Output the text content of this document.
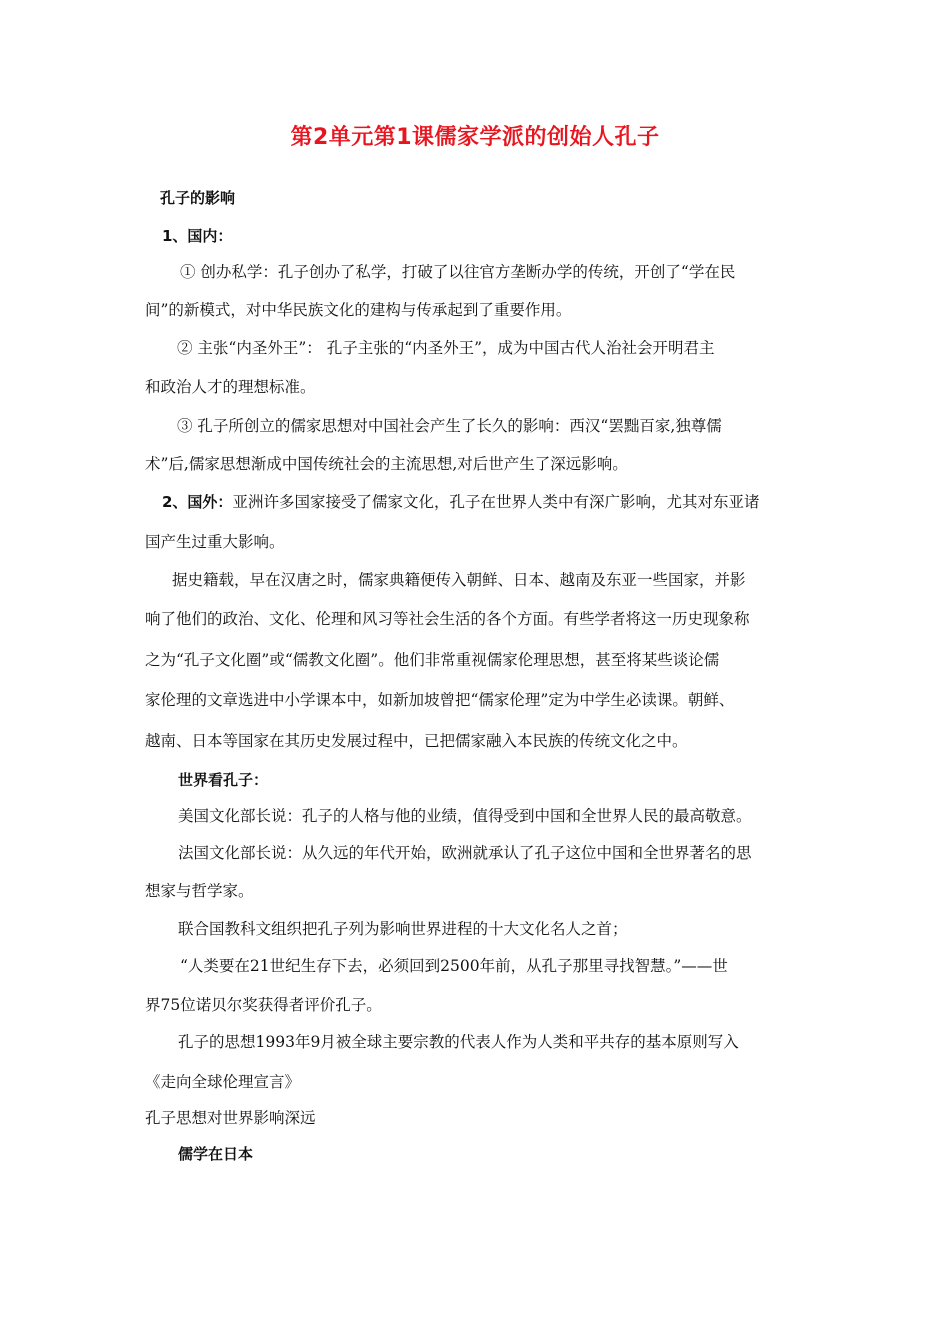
第2单元第1课儒家学派的创始人孔子
孔子的影响
1、国内：
① 创办私学：孔子创办了私学，打破了以往官方垄断办学的传统，开创了“学在民
间”的新模式，对中华民族文化的建构与传承起到了重要作用。
② 主张“内圣外王”： 孔子主张的“内圣外王”，成为中国古代人治社会开明君主
和政治人才的理想标准。
③ 孔子所创立的儒家思想对中国社会产生了长久的影响：西汉“罢黜百家,独尊儒
术”后,儒家思想渐成中国传统社会的主流思想,对后世产生了深远影响。
2、国外：亚洲许多国家接受了儒家文化，孔子在世界人类中有深广影响，尤其对东亚诸
国产生过重大影响。
据史籍载，早在汉唐之时，儒家典籍便传入朝鲜、日本、越南及东亚一些国家，并影
响了他们的政治、文化、伦理和风习等社会生活的各个方面。有些学者将这一历史现象称
之为“孔子文化圈”或“儒教文化圈”。他们非常重视儒家伦理思想，甚至将某些谈论儒
家伦理的文章选进中小学课本中，如新加坡曾把“儒家伦理”定为中学生必读课。朝鲜、
越南、日本等国家在其历史发展过程中，已把儒家融入本民族的传统文化之中。
世界看孔子：
美国文化部长说：孔子的人格与他的业绩，值得受到中国和全世界人民的最高敬意。
法国文化部长说：从久远的年代开始，欧洲就承认了孔子这位中国和全世界著名的思
想家与哲学家。
联合国教科文组织把孔子列为影响世界进程的十大文化名人之首；
“人类要在21世纪生存下去，必须回到2500年前，从孔子那里寻找智慧。”——世
界75位诺贝尔奖获得者评价孔子。
孔子的思想1993年9月被全球主要宗教的代表人作为人类和平共存的基本原则写入
《走向全球伦理宣言》
孔子思想对世界影响深远
儒学在日本
